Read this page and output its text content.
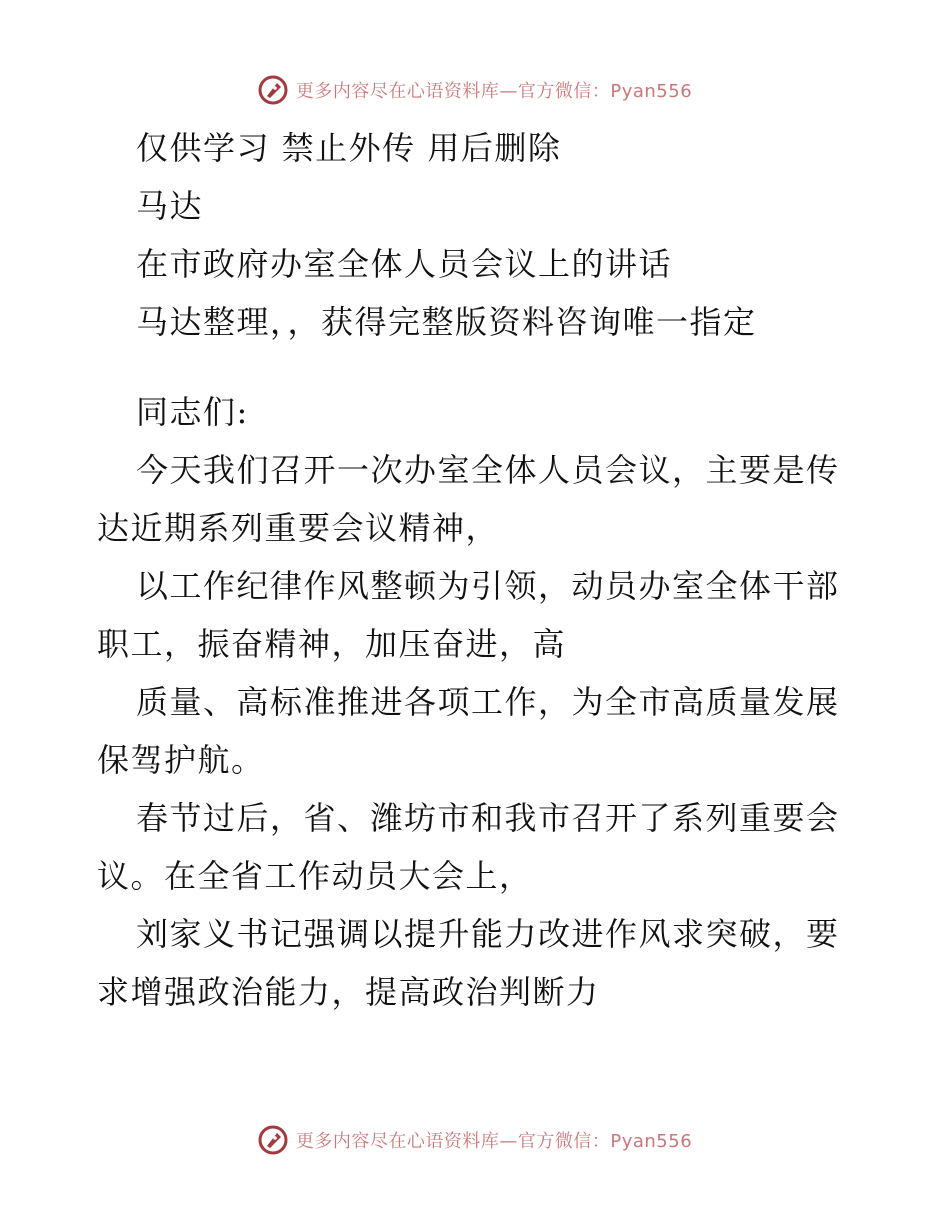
更多内容尽在心语资料库—官方微信：Pyan556
仅供学习 禁止外传 用后删除
马达
在市政府办室全体人员会议上的讲话
马达整理，，获得完整版资料咨询唯一指定
同志们:
今天我们召开一次办室全体人员会议，主要是传
达近期系列重要会议精神，
以工作纪律作风整顿为引领，动员办室全体干部
职工，振奋精神，加压奋进，高
质量、高标准推进各项工作，为全市高质量发展
保驾护航。
春节过后，省、潍坊市和我市召开了系列重要会
议。在全省工作动员大会上，
刘家义书记强调以提升能力改进作风求突破，要
求增强政治能力，提高政治判断力
更多内容尽在心语资料库—官方微信：Pyan556
